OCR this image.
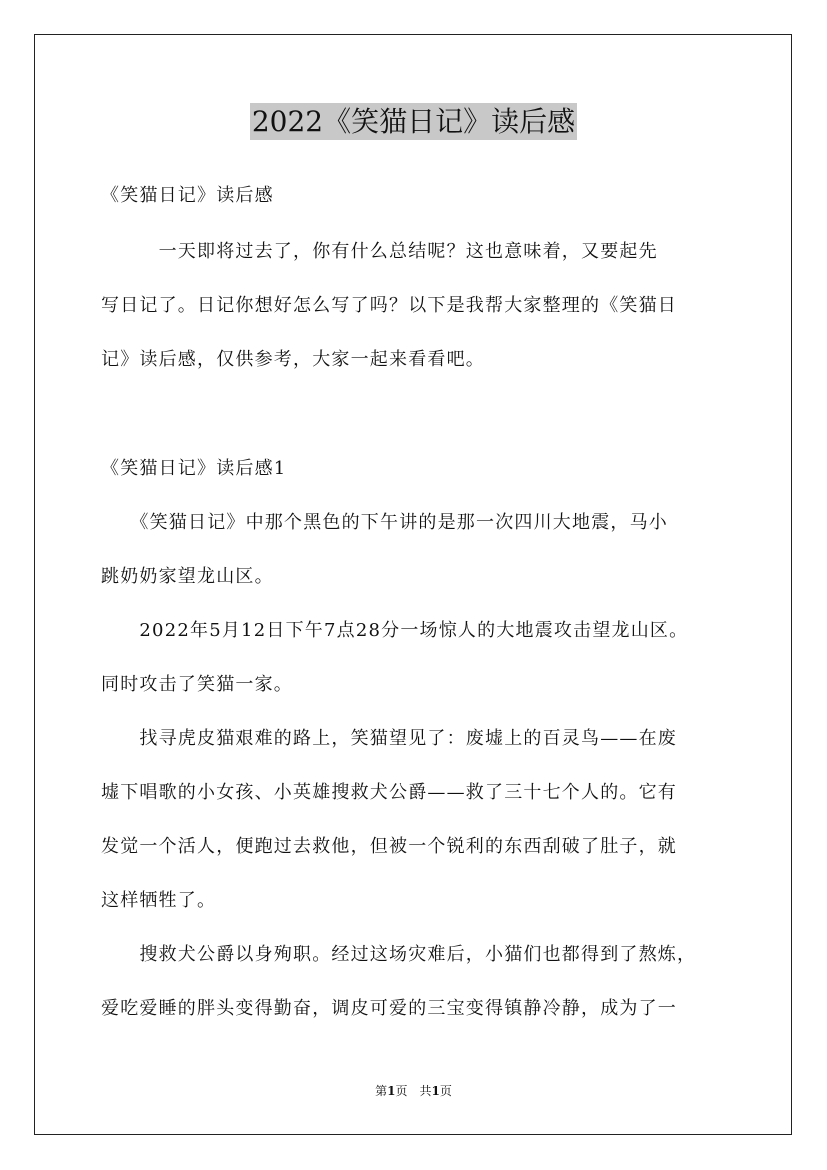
2022《笑猫日记》读后感
《笑猫日记》读后感
　　　一天即将过去了，你有什么总结呢？这也意味着，又要起先
写日记了。日记你想好怎么写了吗？以下是我帮大家整理的《笑猫日
记》读后感，仅供参考，大家一起来看看吧。
《笑猫日记》读后感1
　　《笑猫日记》中那个黑色的下午讲的是那一次四川大地震，马小
跳奶奶家望龙山区。
　　2022年5月12日下午7点28分一场惊人的大地震攻击望龙山区。
同时攻击了笑猫一家。
　　找寻虎皮猫艰难的路上，笑猫望见了：废墟上的百灵鸟——在废
墟下唱歌的小女孩、小英雄搜救犬公爵——救了三十七个人的。它有
发觉一个活人，便跑过去救他，但被一个锐利的东西刮破了肚子，就
这样牺牲了。
　　搜救犬公爵以身殉职。经过这场灾难后，小猫们也都得到了熬炼，
爱吃爱睡的胖头变得勤奋，调皮可爱的三宝变得镇静冷静，成为了一
第1页　共1页
